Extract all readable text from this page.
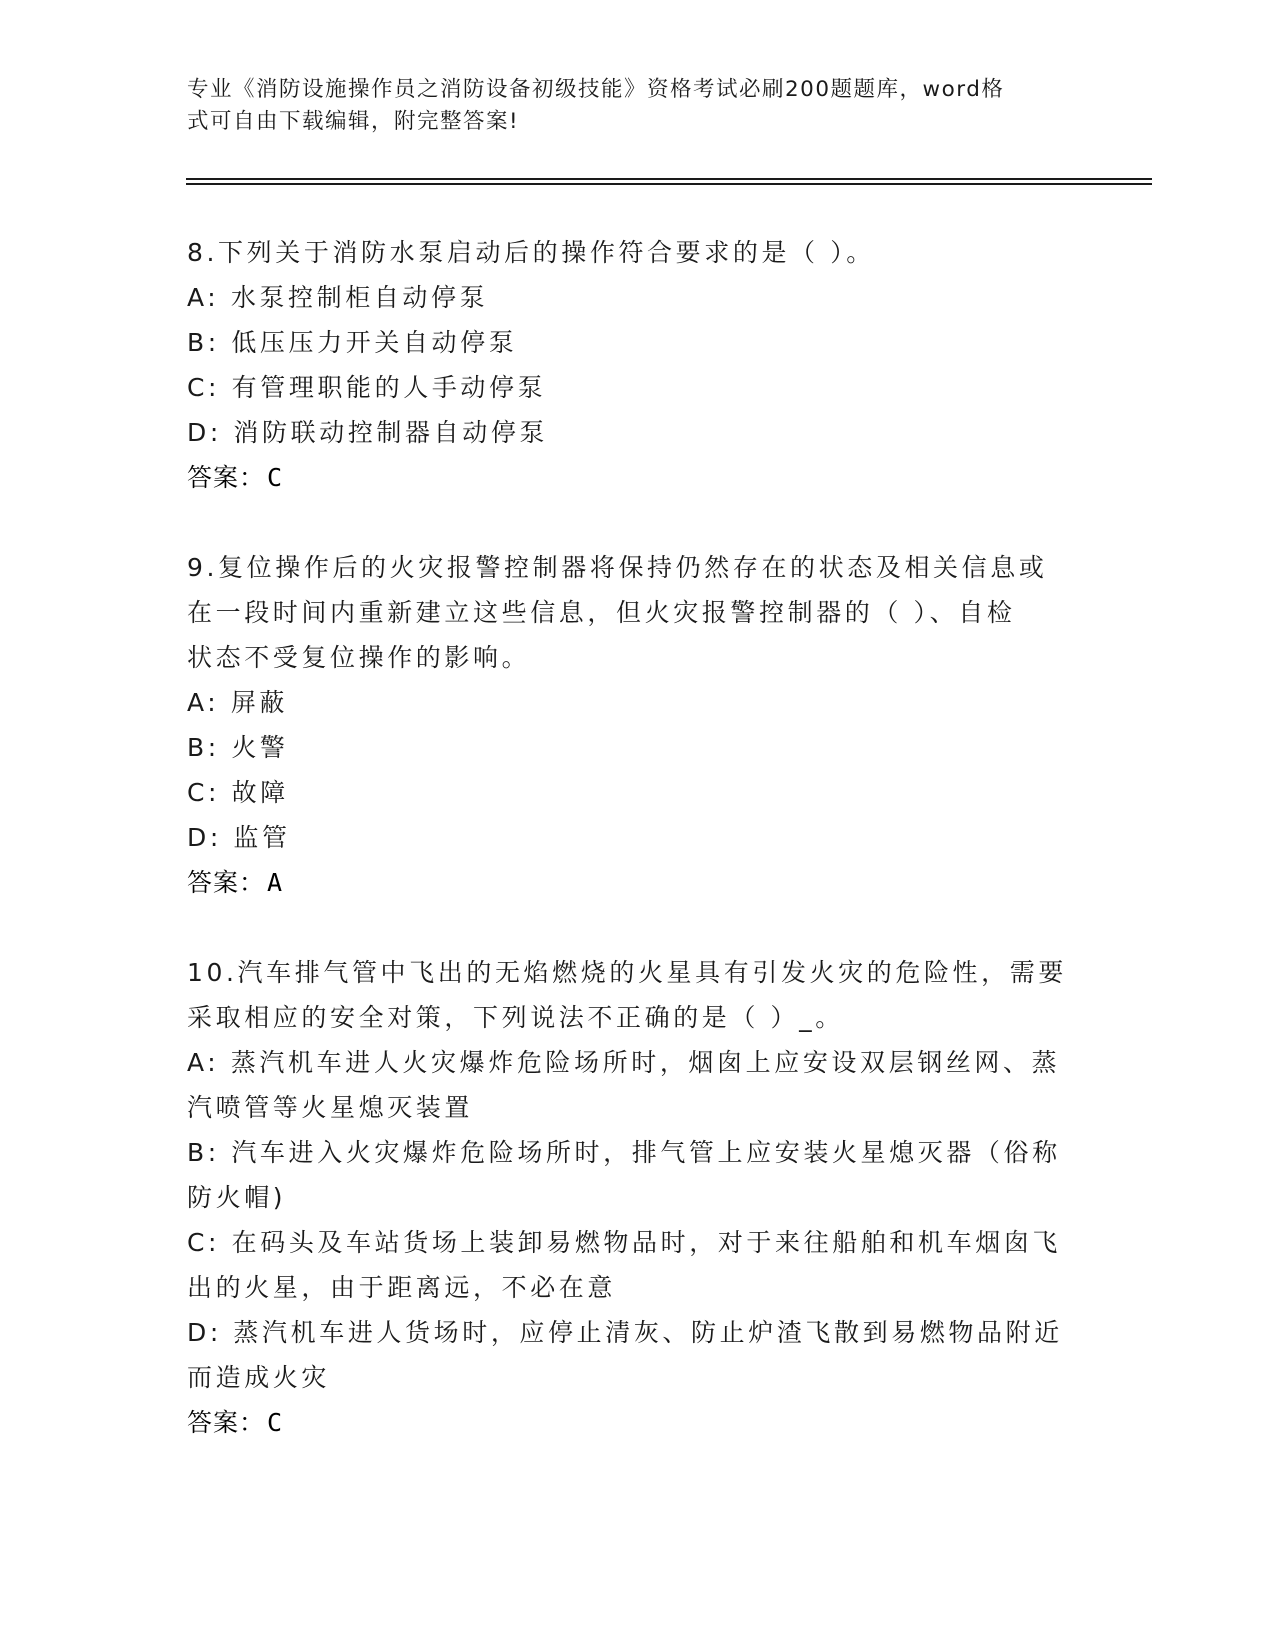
专业《消防设施操作员之消防设备初级技能》资格考试必刷200题题库，word格
式可自由下载编辑，附完整答案!

8.下列关于消防水泵启动后的操作符合要求的是（ ）。

A: 水泵控制柜自动停泵

B: 低压压力开关自动停泵

C: 有管理职能的人手动停泵

D: 消防联动控制器自动停泵

答案：C

9.复位操作后的火灾报警控制器将保持仍然存在的状态及相关信息或

在一段时间内重新建立这些信息，但火灾报警控制器的（ ）、自检

状态不受复位操作的影响。

A: 屏蔽

B: 火警

C: 故障

D: 监管

答案：A

10.汽车排气管中飞出的无焰燃烧的火星具有引发火灾的危险性，需要

采取相应的安全对策，下列说法不正确的是（ ）_。

A: 蒸汽机车进人火灾爆炸危险场所时，烟囱上应安设双层钢丝网、蒸

汽喷管等火星熄灭装置

B: 汽车进入火灾爆炸危险场所时，排气管上应安装火星熄灭器（俗称

防火帽)

C: 在码头及车站货场上装卸易燃物品时，对于来往船舶和机车烟囱飞

出的火星，由于距离远，不必在意

D: 蒸汽机车进人货场时，应停止清灰、防止炉渣飞散到易燃物品附近

而造成火灾

答案：C
